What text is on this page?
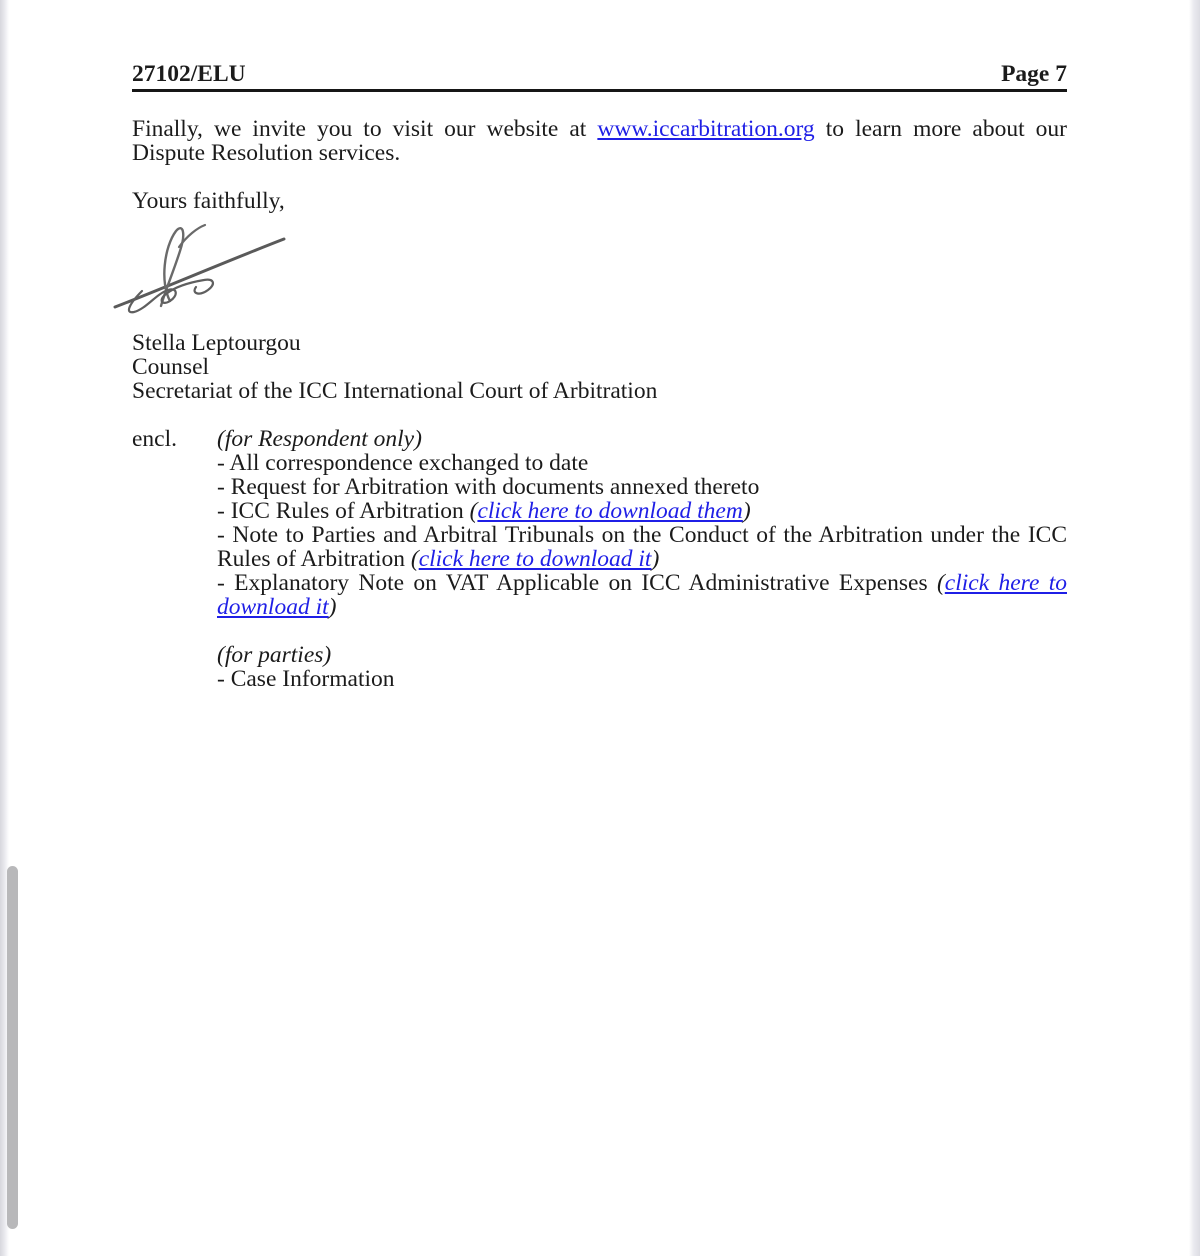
27102/ELU	Page 7
Finally, we invite you to visit our website at www.iccarbitration.org to learn more about our
Dispute Resolution services.
Yours faithfully,
Stella Leptourgou
Counsel
Secretariat of the ICC International Court of Arbitration
encl.	(for Respondent only)
- All correspondence exchanged to date
- Request for Arbitration with documents annexed thereto
- ICC Rules of Arbitration (click here to download them)
- Note to Parties and Arbitral Tribunals on the Conduct of the Arbitration under the ICC
Rules of Arbitration (click here to download it)
- Explanatory Note on VAT Applicable on ICC Administrative Expenses (click here to
download it)
(for parties)
- Case Information
